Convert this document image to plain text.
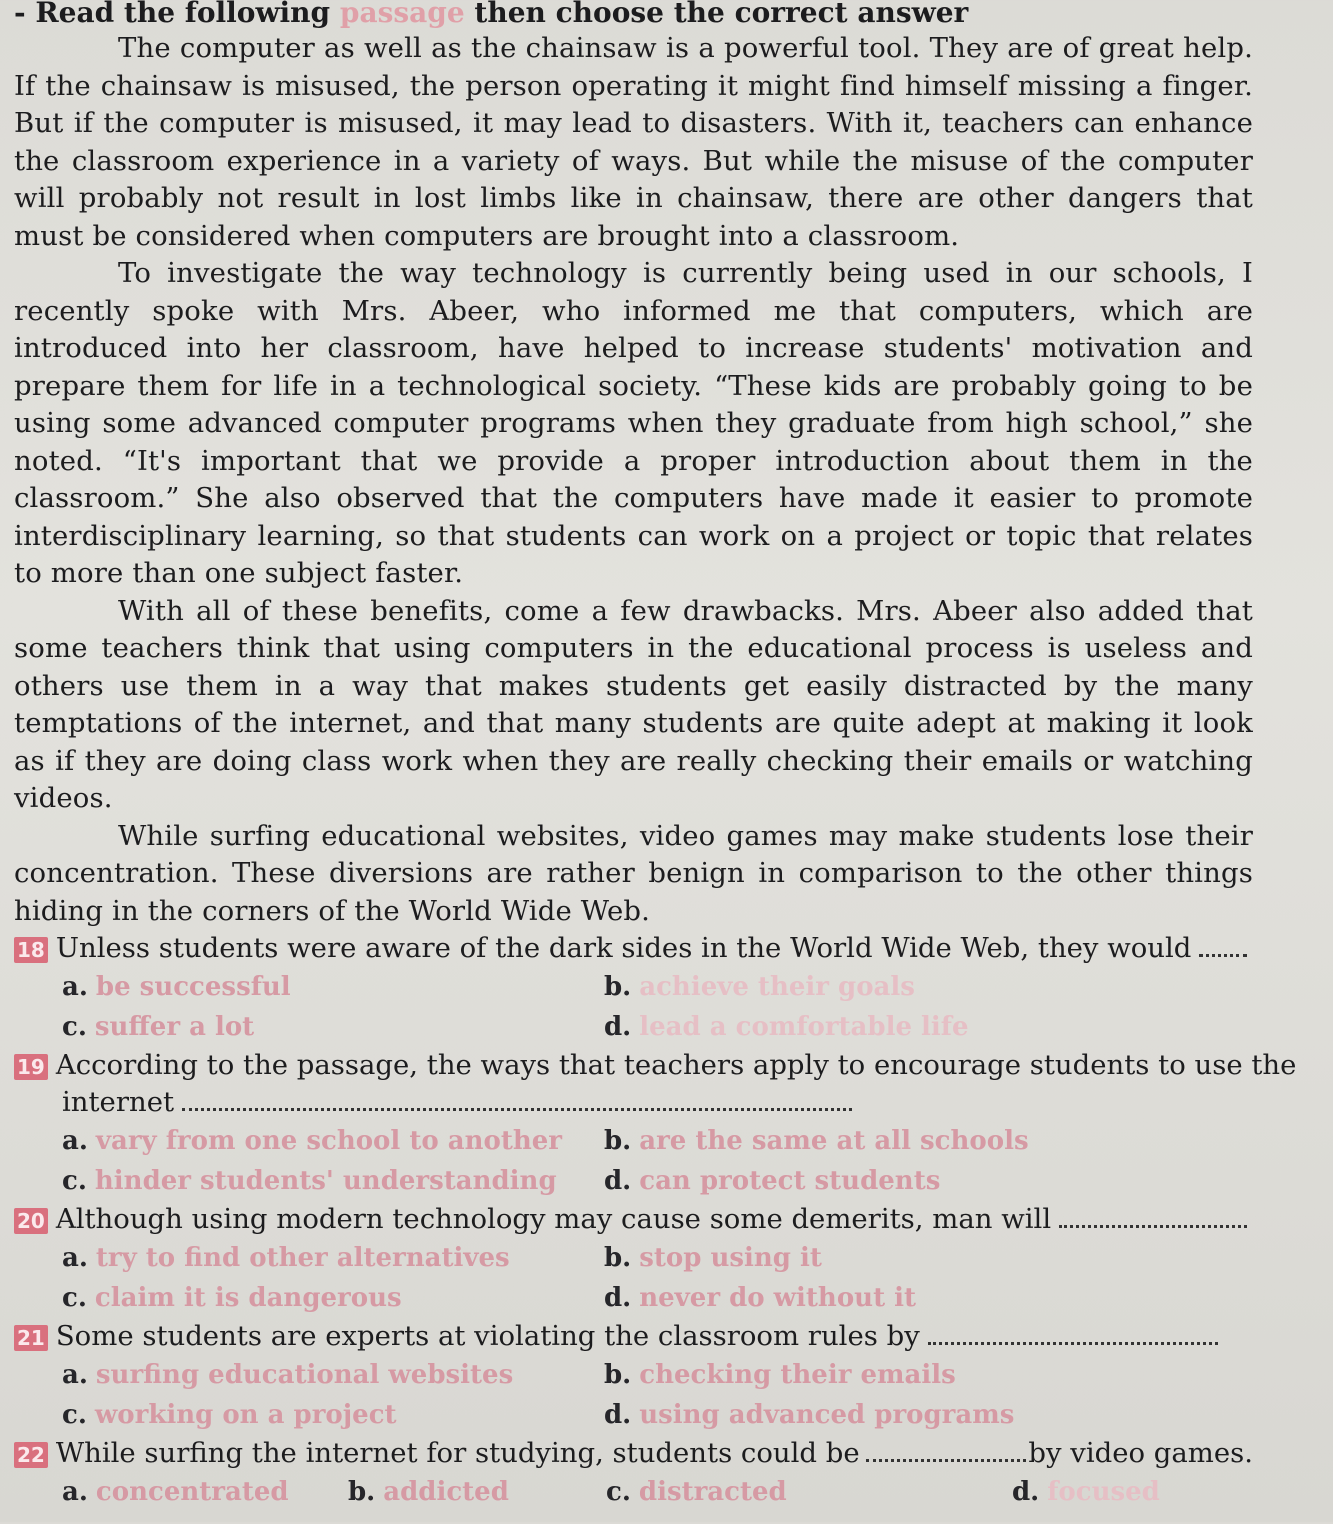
- Read the following passage then choose the correct answer

The computer as well as the chainsaw is a powerful tool. They are of great help. If the chainsaw is misused, the person operating it might find himself missing a finger. But if the computer is misused, it may lead to disasters. With it, teachers can enhance the classroom experience in a variety of ways. But while the misuse of the computer will probably not result in lost limbs like in chainsaw, there are other dangers that must be considered when computers are brought into a classroom.

To investigate the way technology is currently being used in our schools, I recently spoke with Mrs. Abeer, who informed me that computers, which are introduced into her classroom, have helped to increase students' motivation and prepare them for life in a technological society. “These kids are probably going to be using some advanced computer programs when they graduate from high school,” she noted. “It's important that we provide a proper introduction about them in the classroom.” She also observed that the computers have made it easier to promote interdisciplinary learning, so that students can work on a project or topic that relates to more than one subject faster.

With all of these benefits, come a few drawbacks. Mrs. Abeer also added that some teachers think that using computers in the educational process is useless and others use them in a way that makes students get easily distracted by the many temptations of the internet, and that many students are quite adept at making it look as if they are doing class work when they are really checking their emails or watching videos.

While surfing educational websites, video games may make students lose their concentration. These diversions are rather benign in comparison to the other things hiding in the corners of the World Wide Web.

18 Unless students were aware of the dark sides in the World Wide Web, they would
a. be successful	b. achieve their goals
c. suffer a lot	d. lead a comfortable life
19 According to the passage, the ways that teachers apply to encourage students to use the
internet
a. vary from one school to another	b. are the same at all schools
c. hinder students' understanding	d. can protect students
20 Although using modern technology may cause some demerits, man will
a. try to find other alternatives	b. stop using it
c. claim it is dangerous	d. never do without it
21 Some students are experts at violating the classroom rules by
a. surfing educational websites	b. checking their emails
c. working on a project	d. using advanced programs
22 While surfing the internet for studying, students could be	by video games.
a. concentrated	b. addicted	c. distracted	d. focused
